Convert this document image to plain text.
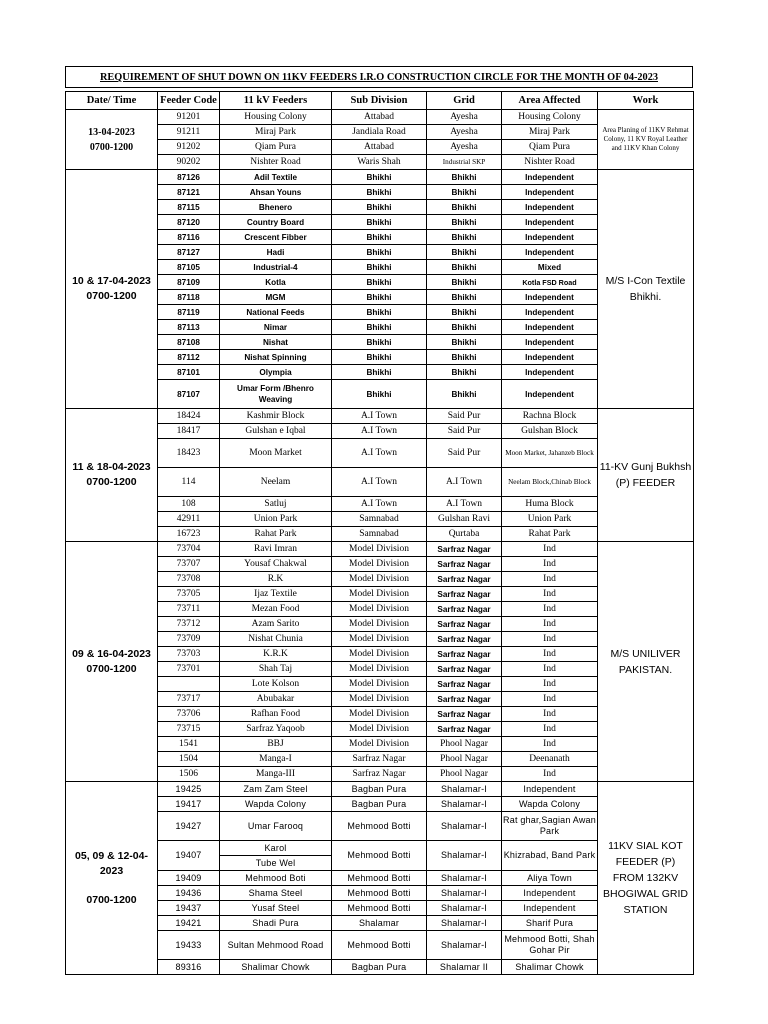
REQUIREMENT OF SHUT DOWN ON 11KV FEEDERS I.R.O CONSTRUCTION CIRCLE FOR THE MONTH OF 04-2023
Date/ Time	Feeder Code	11 kV Feeders	Sub Division	Grid	Area Affected	Work

13-04-2023
0700-1200	91201	Housing Colony	Attabad	Ayesha	Housing Colony	Area Planing of 11KV Rehmat Colony, 11 KV Royal Leather and 11KV Khan Colony
	91211	Miraj Park	Jandiala Road	Ayesha	Miraj Park	
	91202	Qiam Pura	Attabad	Ayesha	Qiam Pura	
	90202	Nishter Road	Waris Shah	Industrial SKP	Nishter Road	

10 & 17-04-2023
0700-1200	87126	Adil Textile	Bhikhi	Bhikhi	Independent	M/S I-Con Textile Bhikhi.
	87121	Ahsan Youns	Bhikhi	Bhikhi	Independent	
	87115	Bhenero	Bhikhi	Bhikhi	Independent	
	87120	Country Board	Bhikhi	Bhikhi	Independent	
	87116	Crescent Fibber	Bhikhi	Bhikhi	Independent	
	87127	Hadi	Bhikhi	Bhikhi	Independent	
	87105	Industrial-4	Bhikhi	Bhikhi	Mixed	
	87109	Kotla	Bhikhi	Bhikhi	Kotla FSD Road	
	87118	MGM	Bhikhi	Bhikhi	Independent	
	87119	National Feeds	Bhikhi	Bhikhi	Independent	
	87113	Nimar	Bhikhi	Bhikhi	Independent	
	87108	Nishat	Bhikhi	Bhikhi	Independent	
	87112	Nishat Spinning	Bhikhi	Bhikhi	Independent	
	87101	Olympia	Bhikhi	Bhikhi	Independent	
	87107	Umar Form /Bhenro Weaving	Bhikhi	Bhikhi	Independent	

11 & 18-04-2023
0700-1200	18424	Kashmir Block	A.I Town	Said Pur	Rachna Block	11-KV Gunj Bukhsh (P) FEEDER
	18417	Gulshan e Iqbal	A.I Town	Said Pur	Gulshan Block	
	18423	Moon Market	A.I Town	Said Pur	Moon Market, Jahanzeb Block	
	114	Neelam	A.I Town	A.I Town	Neelam Block,Chinab Block	
	108	Satluj	A.I Town	A.I Town	Huma Block	
	42911	Union Park	Samnabad	Gulshan Ravi	Union Park	
	16723	Rahat Park	Samnabad	Qurtaba	Rahat Park	

09 & 16-04-2023
0700-1200	73704	Ravi Imran	Model Division	Sarfraz Nagar	Ind	M/S UNILIVER PAKISTAN.
	73707	Yousaf Chakwal	Model Division	Sarfraz Nagar	Ind	
	73708	R.K	Model Division	Sarfraz Nagar	Ind	
	73705	Ijaz Textile	Model Division	Sarfraz Nagar	Ind	
	73711	Mezan Food	Model Division	Sarfraz Nagar	Ind	
	73712	Azam Sarito	Model Division	Sarfraz Nagar	Ind	
	73709	Nishat Chunia	Model Division	Sarfraz Nagar	Ind	
	73703	K.R.K	Model Division	Sarfraz Nagar	Ind	
	73701	Shah Taj	Model Division	Sarfraz Nagar	Ind	
		Lote Kolson	Model Division	Sarfraz Nagar	Ind	
	73717	Abubakar	Model Division	Sarfraz Nagar	Ind	
	73706	Rafhan Food	Model Division	Sarfraz Nagar	Ind	
	73715	Sarfraz Yaqoob	Model Division	Sarfraz Nagar	Ind	
	1541	BBJ	Model Division	Phool Nagar	Ind	
	1504	Manga-I	Sarfraz Nagar	Phool Nagar	Deenanath	
	1506	Manga-III	Sarfraz Nagar	Phool Nagar	Ind	

05, 09 & 12-04-2023
0700-1200	19425	Zam Zam Steel	Bagban Pura	Shalamar-I	Independent	11KV SIAL KOT FEEDER (P) FROM 132KV BHOGIWAL GRID STATION
	19417	Wapda Colony	Bagban Pura	Shalamar-I	Wapda Colony	
	19427	Umar Farooq	Mehmood Botti	Shalamar-I	Rat ghar,Sagian Awan Park	
	19407	Karol	Mehmood Botti	Shalamar-I	Khizrabad, Band Park	
		Tube Wel				
	19409	Mehmood Boti	Mehmood Botti	Shalamar-I	Aliya Town	
	19436	Shama Steel	Mehmood Botti	Shalamar-I	Independent	
	19437	Yusaf Steel	Mehmood Botti	Shalamar-I	Independent	
	19421	Shadi Pura	Shalamar	Shalamar-I	Sharif Pura	
	19433	Sultan Mehmood Road	Mehmood Botti	Shalamar-I	Mehmood Botti, Shah Gohar Pir	
	89316	Shalimar Chowk	Bagban Pura	Shalamar II	Shalimar Chowk	
